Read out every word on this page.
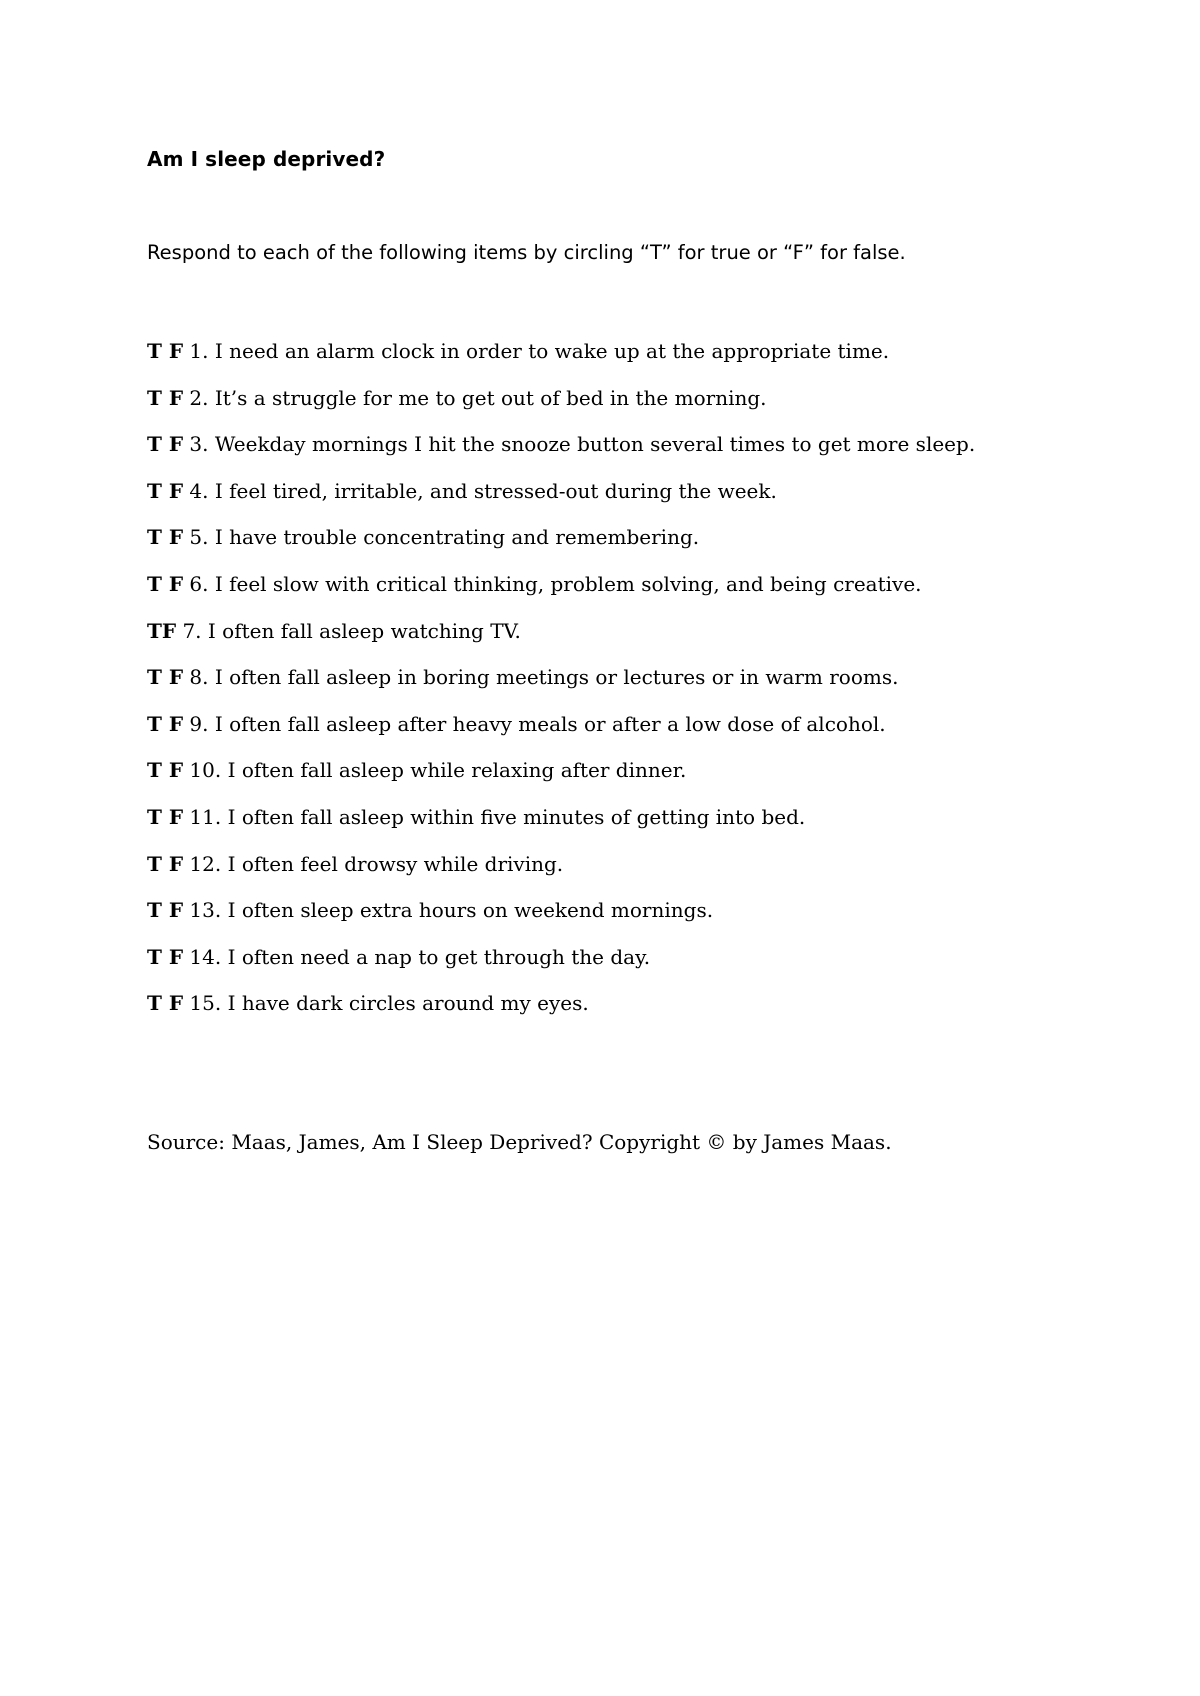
Am I sleep deprived?
Respond to each of the following items by circling “T” for true or “F” for false.
T F 1. I need an alarm clock in order to wake up at the appropriate time.
T F 2. It’s a struggle for me to get out of bed in the morning.
T F 3. Weekday mornings I hit the snooze button several times to get more sleep.
T F 4. I feel tired, irritable, and stressed-out during the week.
T F 5. I have trouble concentrating and remembering.
T F 6. I feel slow with critical thinking, problem solving, and being creative.
TF 7. I often fall asleep watching TV.
T F 8. I often fall asleep in boring meetings or lectures or in warm rooms.
T F 9. I often fall asleep after heavy meals or after a low dose of alcohol.
T F 10. I often fall asleep while relaxing after dinner.
T F 11. I often fall asleep within five minutes of getting into bed.
T F 12. I often feel drowsy while driving.
T F 13. I often sleep extra hours on weekend mornings.
T F 14. I often need a nap to get through the day.
T F 15. I have dark circles around my eyes.
Source: Maas, James, Am I Sleep Deprived? Copyright © by James Maas.
